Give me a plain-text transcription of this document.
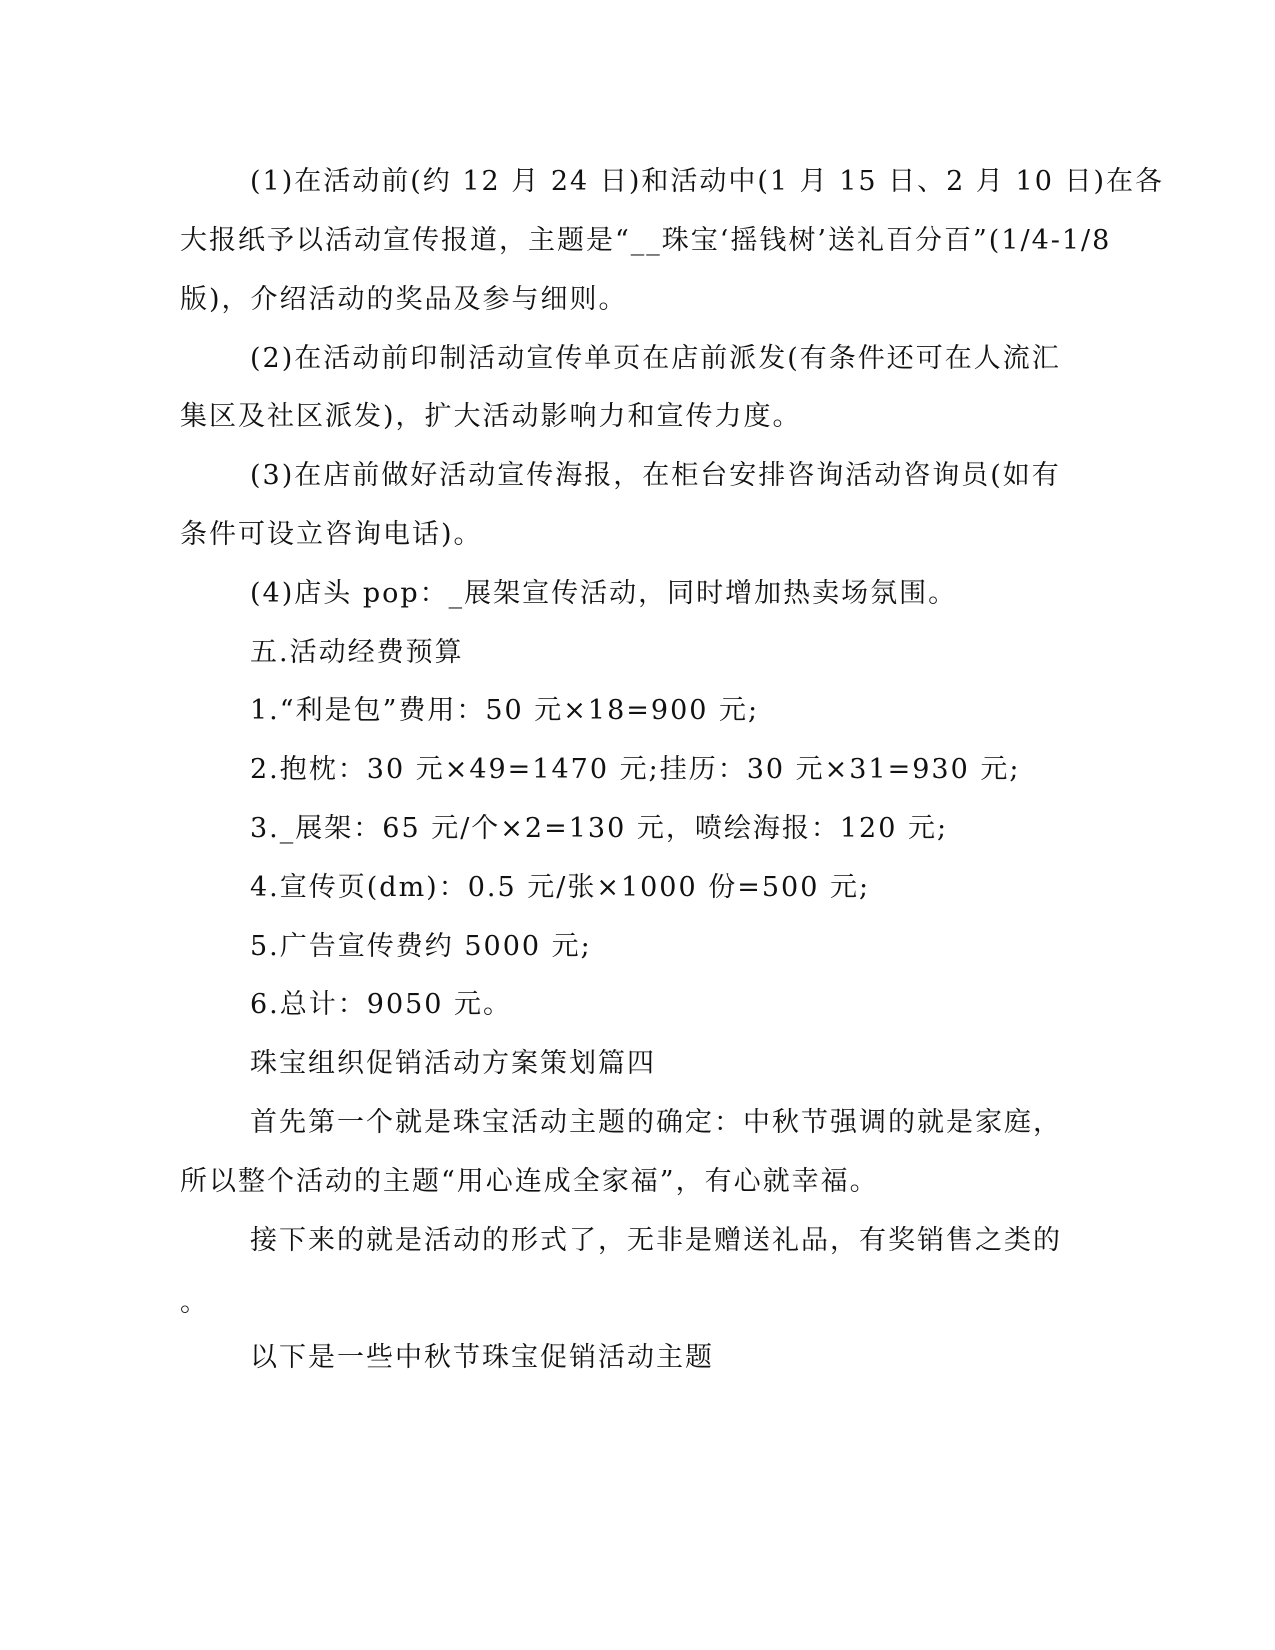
(1)在活动前(约 12 月 24 日)和活动中(1 月 15 日、2 月 10 日)在各
大报纸予以活动宣传报道，主题是“__珠宝‘摇钱树’送礼百分百”(1/4-1/8
版)，介绍活动的奖品及参与细则。
(2)在活动前印制活动宣传单页在店前派发(有条件还可在人流汇
集区及社区派发)，扩大活动影响力和宣传力度。
(3)在店前做好活动宣传海报，在柜台安排咨询活动咨询员(如有
条件可设立咨询电话)。
(4)店头 pop：_展架宣传活动，同时增加热卖场氛围。
五.活动经费预算
1.“利是包”费用：50 元×18=900 元;
2.抱枕：30 元×49=1470 元;挂历：30 元×31=930 元;
3._展架：65 元/个×2=130 元，喷绘海报：120 元;
4.宣传页(dm)：0.5 元/张×1000 份=500 元;
5.广告宣传费约 5000 元;
6.总计：9050 元。
珠宝组织促销活动方案策划篇四
首先第一个就是珠宝活动主题的确定：中秋节强调的就是家庭，
所以整个活动的主题“用心连成全家福”，有心就幸福。
接下来的就是活动的形式了，无非是赠送礼品，有奖销售之类的
。
以下是一些中秋节珠宝促销活动主题
